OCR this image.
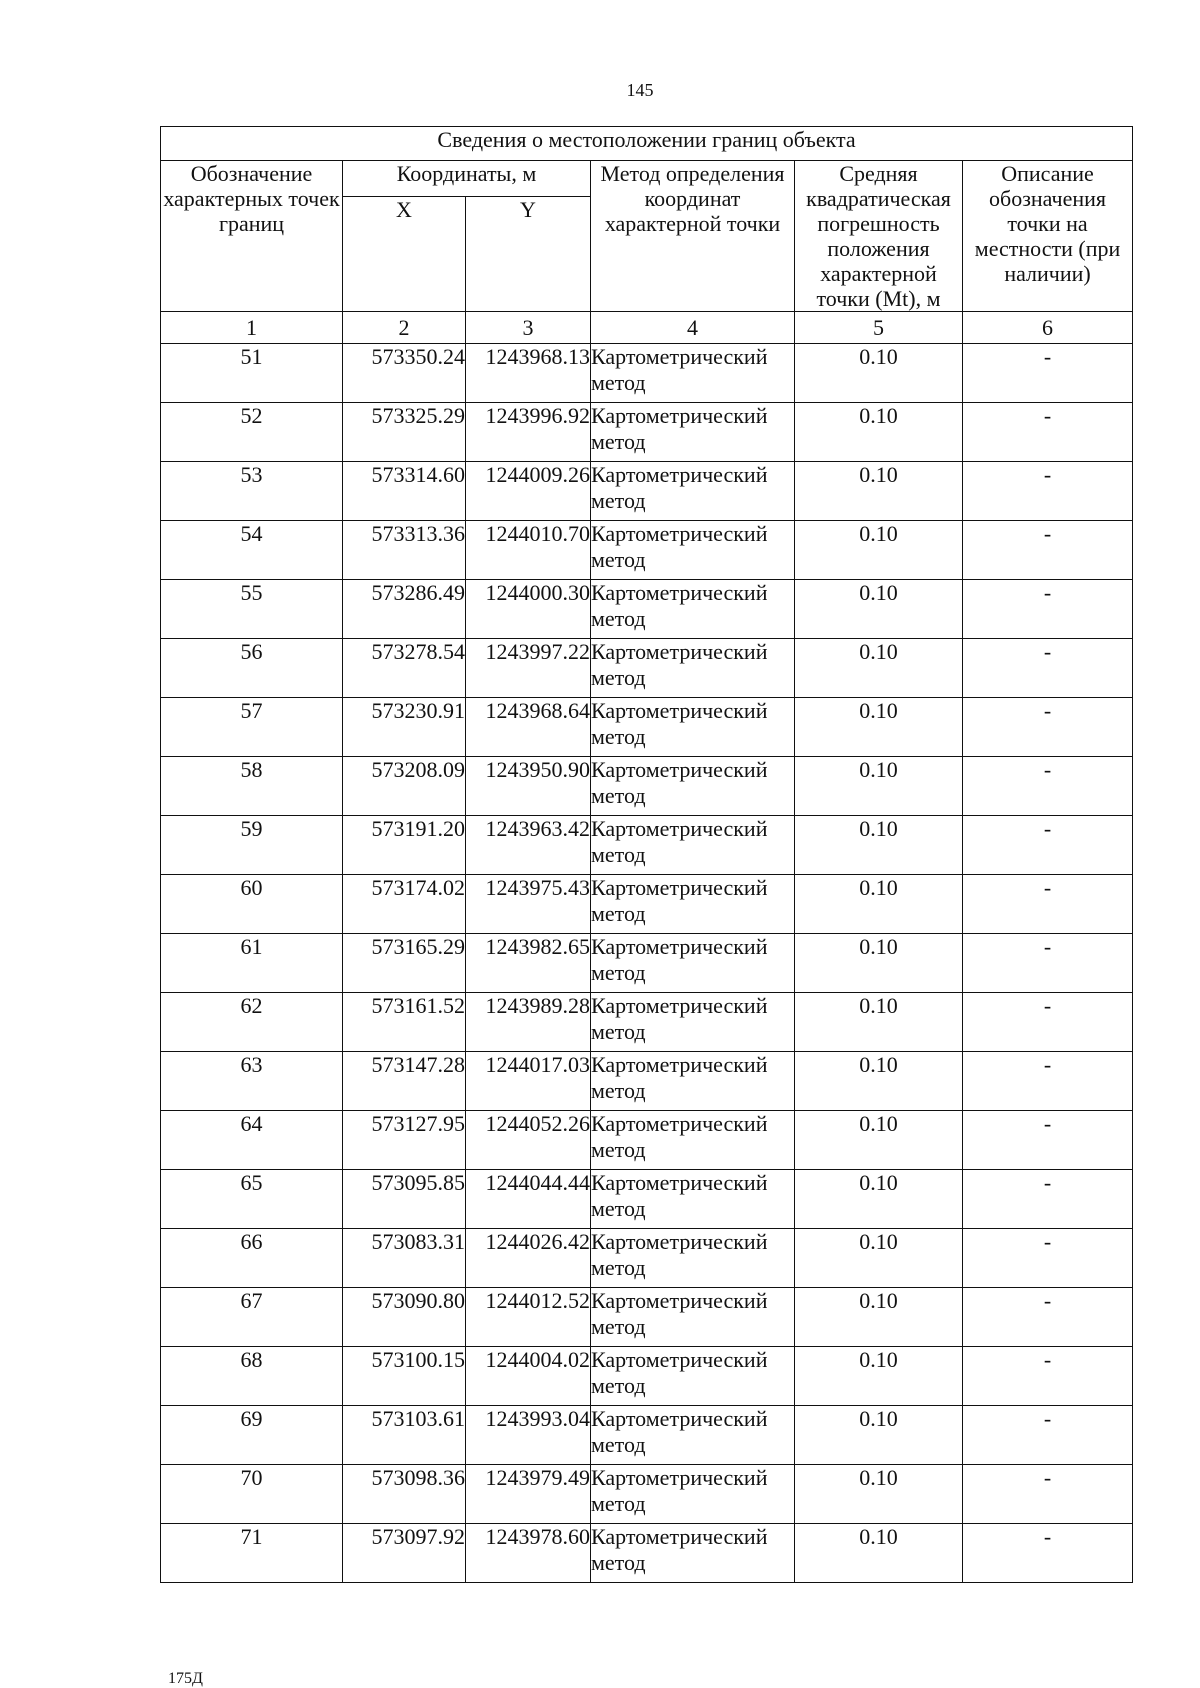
145
Сведения о местоположении границ объекта					
Обозначение характерных точек границ	Координаты, м		Метод определения координат характерной точки	Средняя квадратическая погрешность положения характерной точки (Mt), м	Описание обозначения точки на местности (при наличии)
	X	Y			
1	2	3	4	5	6
51	573350.24	1243968.13	Картометрический метод	0.10	-
52	573325.29	1243996.92	Картометрический метод	0.10	-
53	573314.60	1244009.26	Картометрический метод	0.10	-
54	573313.36	1244010.70	Картометрический метод	0.10	-
55	573286.49	1244000.30	Картометрический метод	0.10	-
56	573278.54	1243997.22	Картометрический метод	0.10	-
57	573230.91	1243968.64	Картометрический метод	0.10	-
58	573208.09	1243950.90	Картометрический метод	0.10	-
59	573191.20	1243963.42	Картометрический метод	0.10	-
60	573174.02	1243975.43	Картометрический метод	0.10	-
61	573165.29	1243982.65	Картометрический метод	0.10	-
62	573161.52	1243989.28	Картометрический метод	0.10	-
63	573147.28	1244017.03	Картометрический метод	0.10	-
64	573127.95	1244052.26	Картометрический метод	0.10	-
65	573095.85	1244044.44	Картометрический метод	0.10	-
66	573083.31	1244026.42	Картометрический метод	0.10	-
67	573090.80	1244012.52	Картометрический метод	0.10	-
68	573100.15	1244004.02	Картометрический метод	0.10	-
69	573103.61	1243993.04	Картометрический метод	0.10	-
70	573098.36	1243979.49	Картометрический метод	0.10	-
71	573097.92	1243978.60	Картометрический метод	0.10	-
175Д
